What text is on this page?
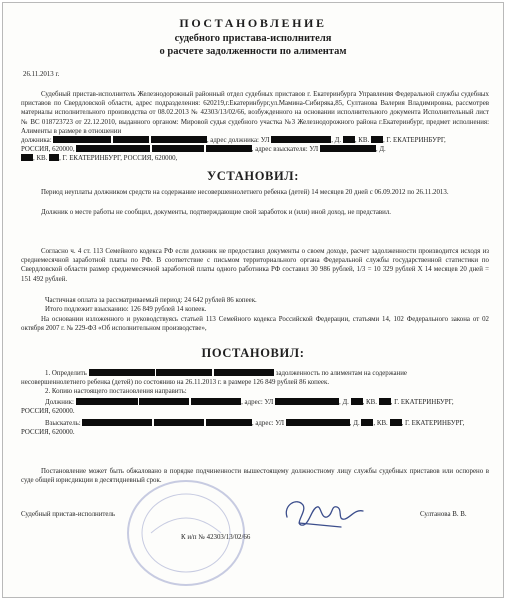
ПОСТАНОВЛЕНИЕ
судебного пристава-исполнителя
о расчете задолженности по алиментам
26.11.2013 г.
Судебный пристав-исполнитель Железнодорожный районный отдел судебных приставов г. Екатеринбурга Управления Федеральной службы судебных приставов по Свердловской области, адрес подразделения: 620219,г.Екатеринбург,ул.Мамина-Сибиряка,85, Султанова Валерия Владимировна, рассмотрев материалы исполнительного производства от 08.02.2013 № 42303/13/02/66, возбужденного на основании исполнительного документа Исполнительный лист № ВС 018723723 от 22.12.2010, выданного органом: Мировой судья судебного участка №3 Железнодорожного района г.Екатеринбург, предмет исполнения: Алименты в размере в отношении
должника:	, адрес должника: УЛ	, Д. , КВ. , Г. ЕКАТЕРИНБУРГ,
РОССИЯ, 620000,	, адрес взыскателя: УЛ	, Д.
, КВ. , Г. ЕКАТЕРИНБУРГ, РОССИЯ, 620000,
УСТАНОВИЛ:
Период неуплаты должником средств на содержание несовершеннолетнего ребенка (детей) 14 месяцев 20 дней с 06.09.2012 по 26.11.2013.
Должник о месте работы не сообщил, документы, подтверждающие свой заработок и (или) иной доход, не представил.
Согласно ч. 4 ст. 113 Семейного кодекса РФ если должник не предоставил документы о своем доходе, расчет задолженности производится исходя из среднемесячной заработной платы по РФ. В соответствие с письмом территориального органа Федеральной службы государственной статистики по Свердловской области размер среднемесячной заработной платы одного работника РФ составил 30 986 рублей, 1/3 = 10 329 рублей Х 14 месяцев 20 дней = 151 492 рублей.
Частичная оплата за рассматриваемый период: 24 642 рублей 86 копеек.
Итого подлежит взысканию: 126 849 рублей 14 копеек.
На основании изложенного и руководствуясь статьей 113 Семейного кодекса Российской Федерации, статьями 14, 102 Федерального закона от 02 октября 2007 г. № 229-ФЗ «Об исполнительном производстве»,
ПОСТАНОВИЛ:
1. Определить	задолженность по алиментам на содержание
несовершеннолетнего ребенка (детей) по состоянию на 26.11.2013 г. в размере 126 849 рублей 86 копеек.
2. Копию настоящего постановления направить:
Должник:	, адрес: УЛ	, Д. , КВ. , Г. ЕКАТЕРИНБУРГ,
РОССИЯ, 620000.
Взыскатель:	, адрес: УЛ	, Д. , КВ. , Г. ЕКАТЕРИНБУРГ,
РОССИЯ, 620000.
Постановление может быть обжаловано в порядке подчиненности вышестоящему должностному лицу службы судебных приставов или оспорено в суде общей юрисдикции в десятидневный срок.
Судебный пристав-исполнитель	Султанова В. В.
К и/п № 42303/13/02/66
